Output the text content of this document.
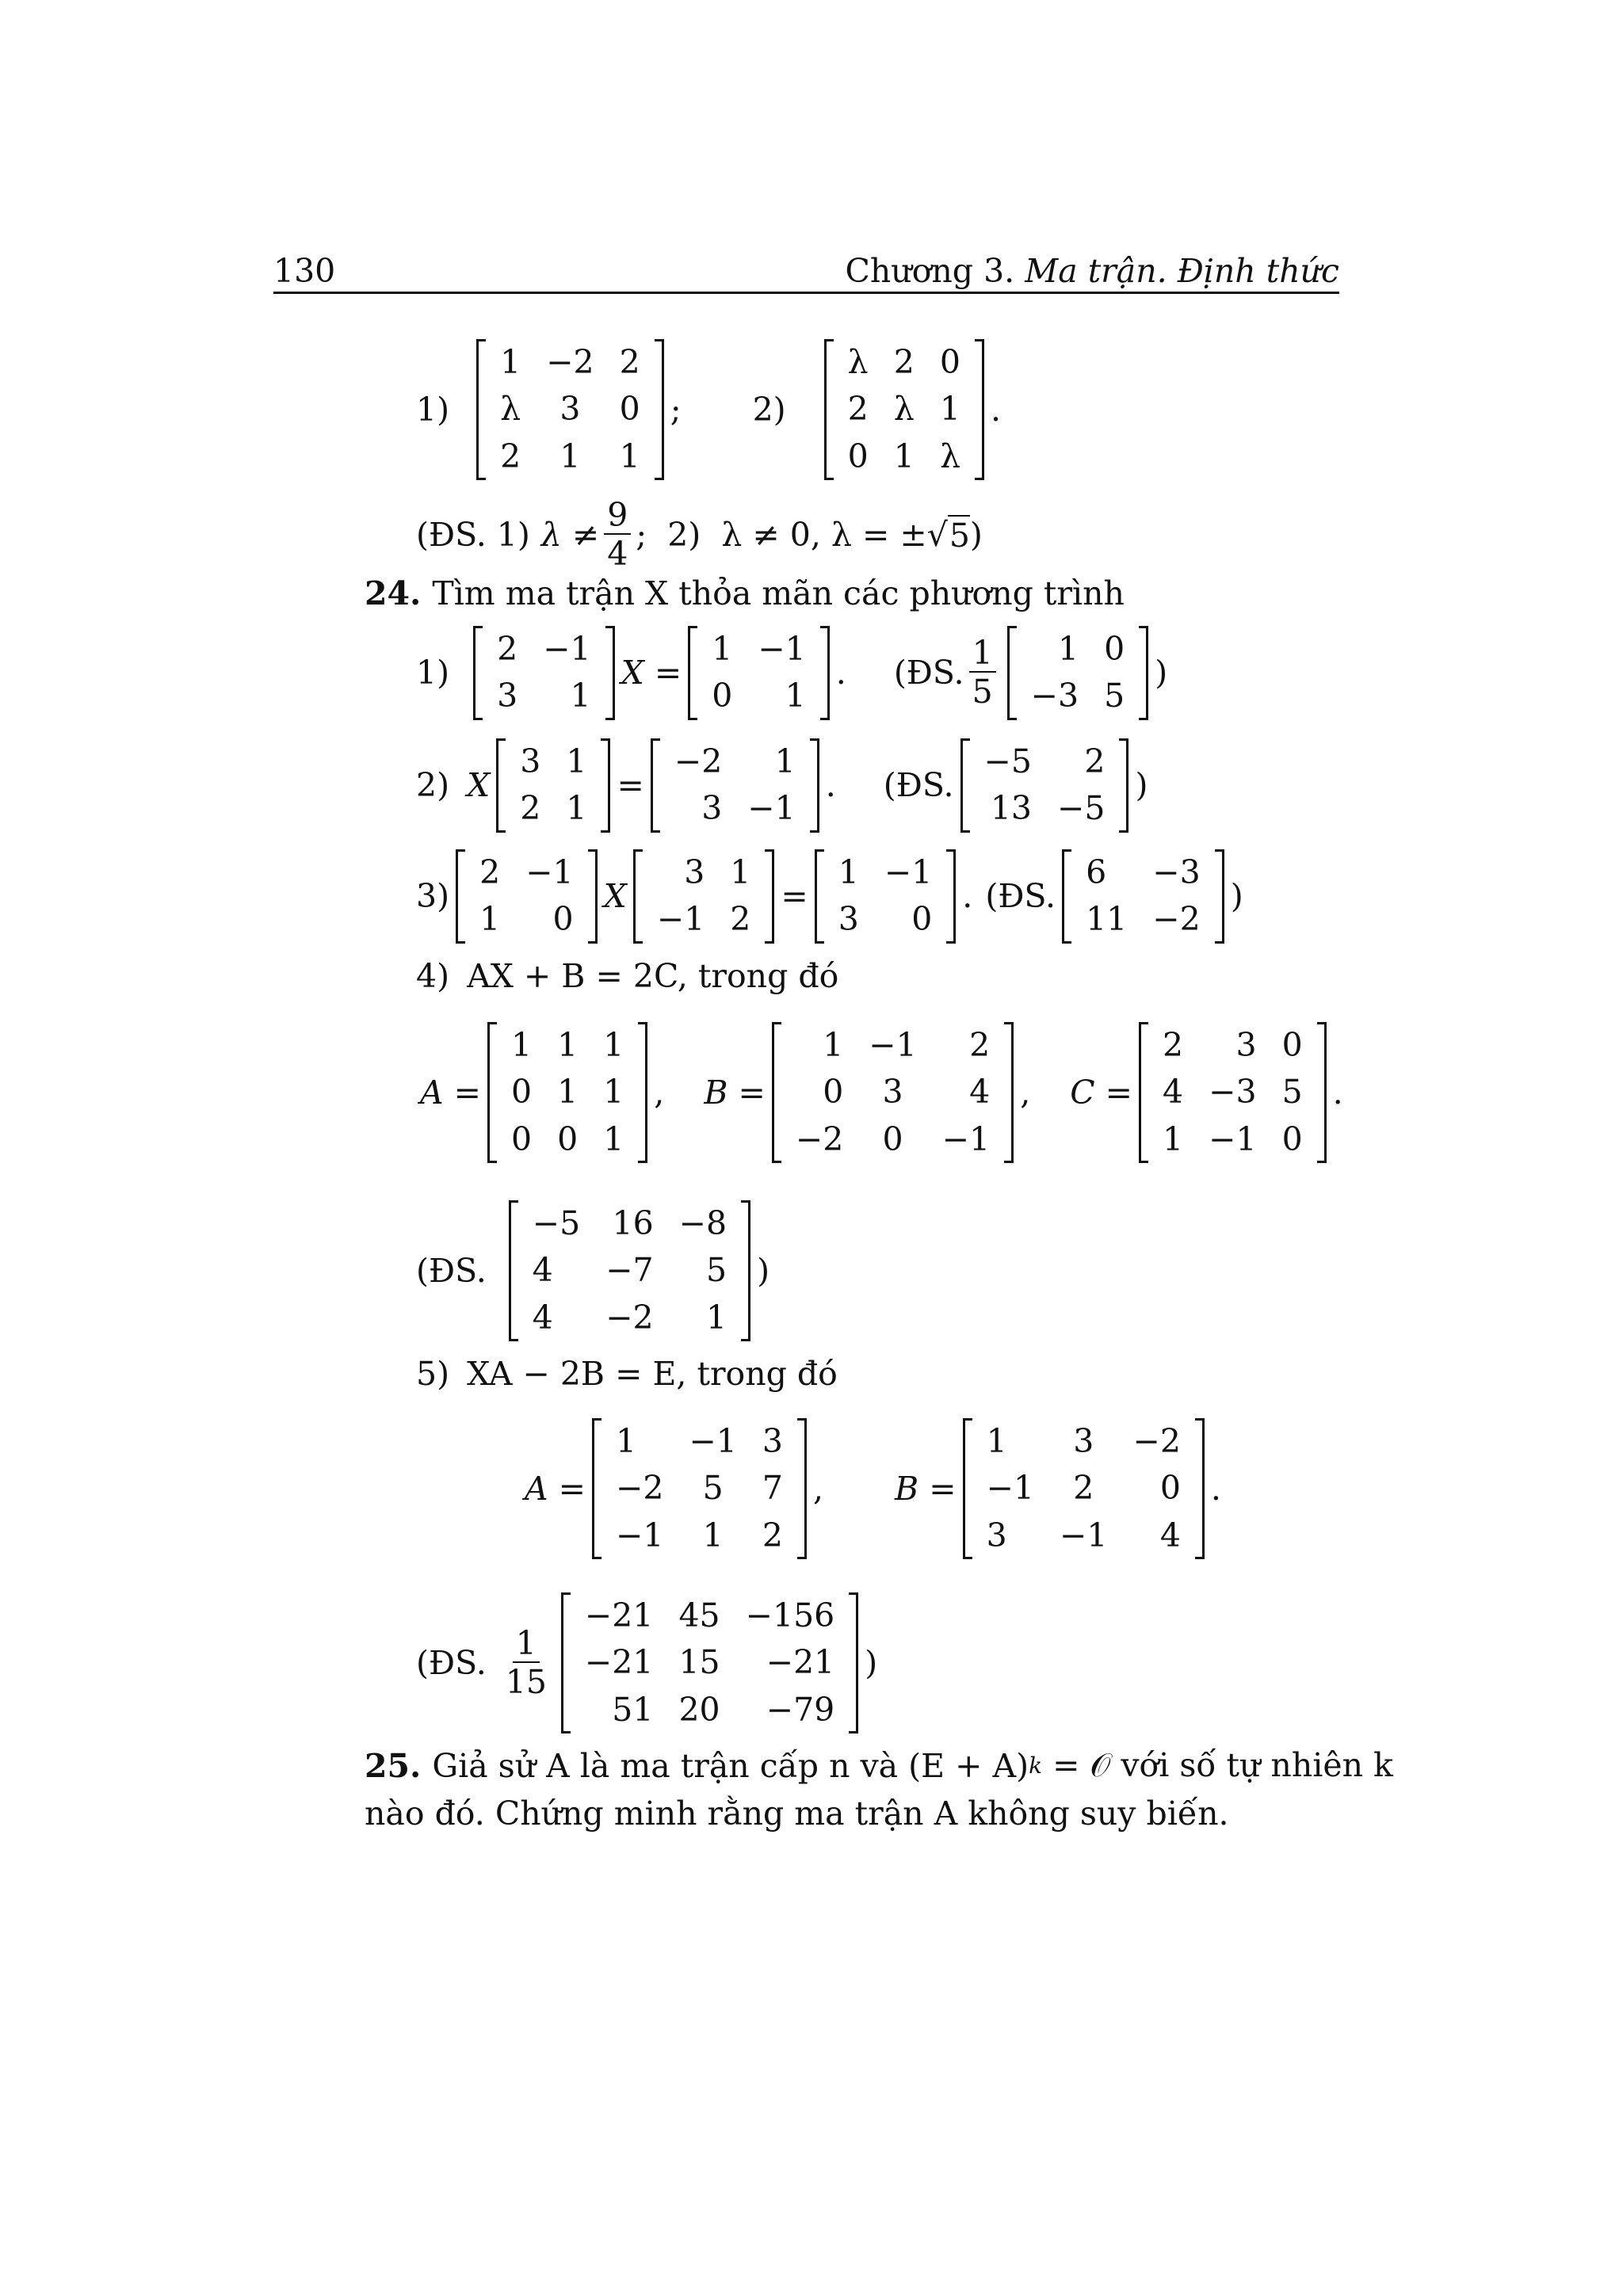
130	Chương 3. Ma trận. Định thức
1)
1	−2	2
λ	3	0
2	1	1
; 2)
λ	2	0
2	λ	1
0	1	λ
.
(ĐS. 1) $\lambda \ne \frac{9}{4}$ ;  2)  λ ≠ 0, λ = ± √ 5 )
24. Tìm ma trận X thỏa mãn các phương trình
1)
2	−1
3	1
X =
1	−1
0	1
. (ĐS. $\frac{1}{5} 1$	0
−3	5
)
2) X
3	1
2	1
=
−2	1
3	−1
. (ĐS.
−5	2
13	−5
)
3)
2	−1
1	0
X
3	1
−1	2
=
1	−1
3	0
. (ĐS.
6	−3
11	−2
)
4) AX + B = 2C, trong đó
A =
1	1	1
0	1	1
0	0	1
, B =
1	−1	2
0	3	4
−2	0	−1
, C =
2	3	0
4	−3	5
1	−1	0
.
(ĐS.
−5	16	−8
4	−7	5
4	−2	1
)
5) XA − 2B = E, trong đó
A =
1	−1	3
−2	5	7
−1	1	2
, B =
1	3	−2
−1	2	0
3	−1	4
.
(ĐS. $\frac{1}{15}$
−21	45	−156
−21	15	−21
51	20	−79
)
25. Giả sử A là ma trận cấp n và (E + A) k = 𝒪 với số tự nhiên k
nào đó. Chứng minh rằng ma trận A không suy biến.
